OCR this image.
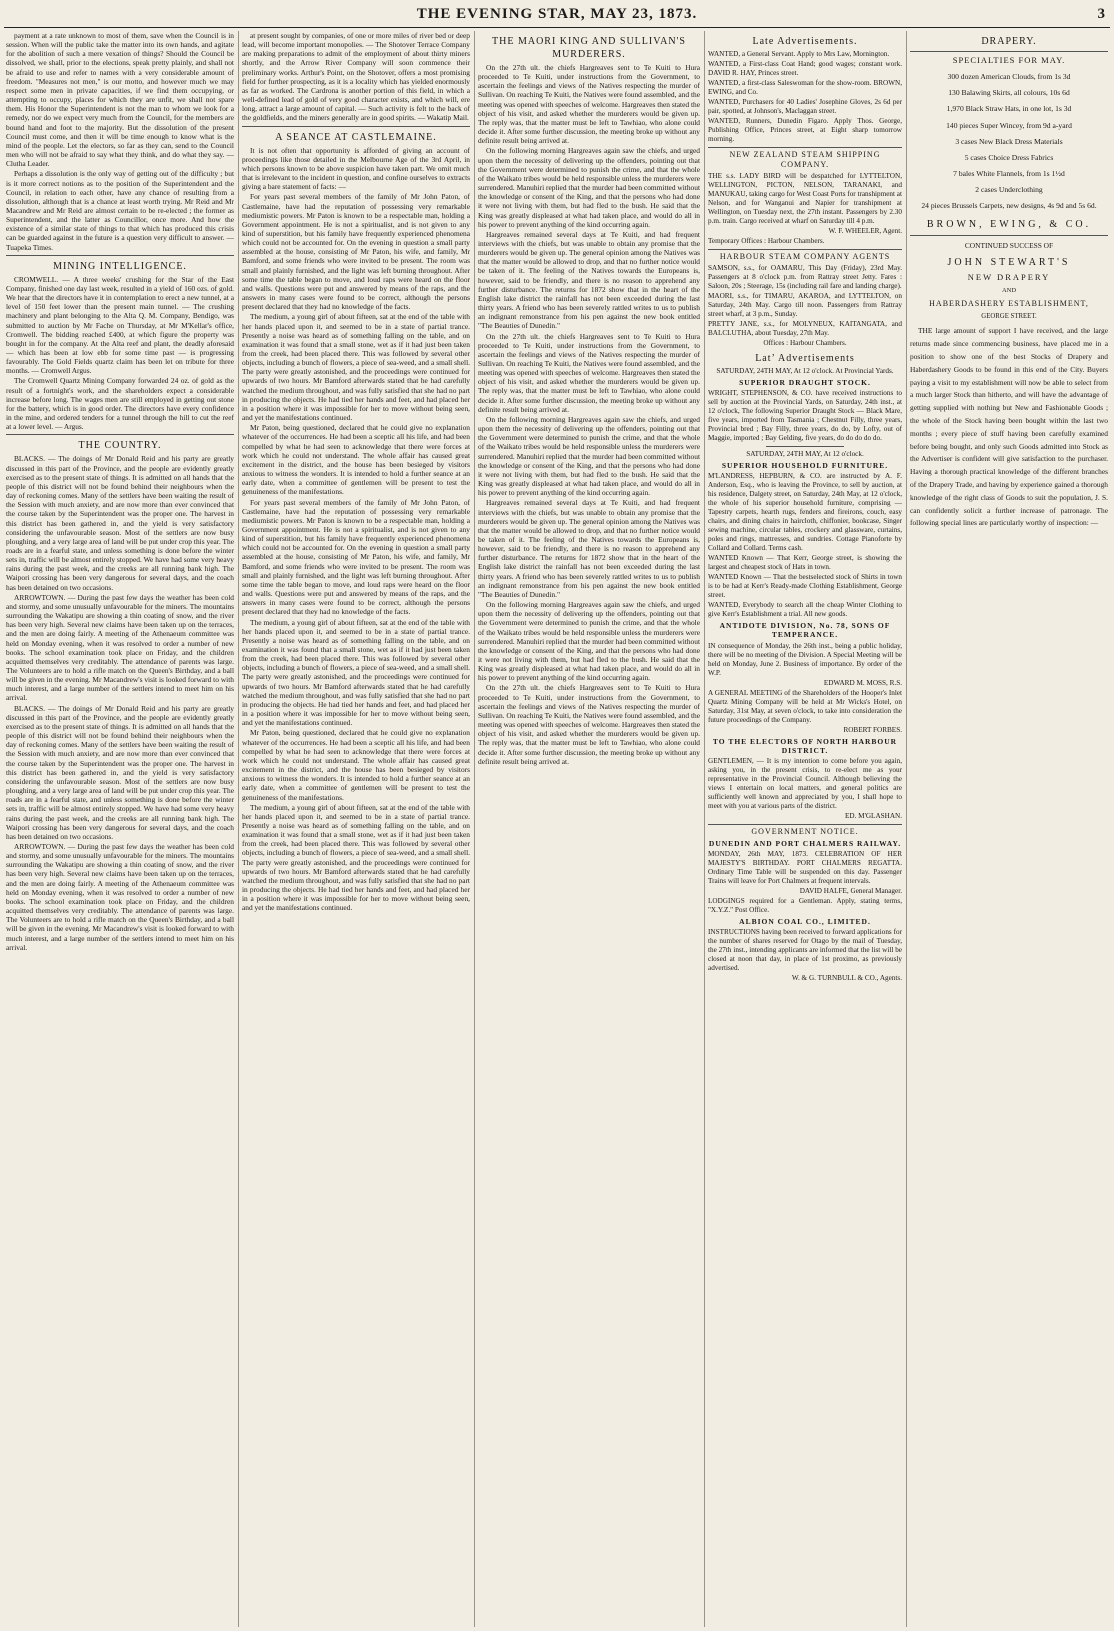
THE EVENING STAR, MAY 23, 1873.	3

payment at a rate unknown to most of them, save when the Council is in session. When will the public take the matter into its own hands, and agitate for the abolition of such a mere vexation of things? Should the Council be dissolved, we shall, prior to the elections, speak pretty plainly, and shall not be afraid to use and refer to names with a very considerable amount of freedom. "Measures not men," is our motto, and however much we may respect some men in private capacities, if we find them occupying, or attempting to occupy, places for which they are unfit, we shall not spare them. His Honor the Superintendent is not the man to whom we look for a remedy, nor do we expect very much from the Council, for the members are bound hand and foot to the majority. But the dissolution of the present Council must come, and then it will be time enough to know what is the mind of the people. Let the electors, so far as they can, send to the Council men who will not be afraid to say what they think, and do what they say. — Clutha Leader.

Perhaps a dissolution is the only way of getting out of the difficulty ; but is it more correct notions as to the position of the Superintendent and the Council, in relation to each other, have any chance of resulting from a dissolution, although that is a chance at least worth trying. Mr Reid and Mr Macandrew and Mr Reid are almost certain to be re-elected ; the former as Superintendent, and the latter as Councillor, once more. And how the existence of a similar state of things to that which has produced this crisis can be guarded against in the future is a question very difficult to answer. — Tuapeka Times.

MINING INTELLIGENCE.

CROMWELL. — A three weeks' crushing for the Star of the East Company, finished one day last week, resulted in a yield of 160 ozs. of gold. We hear that the directors have it in contemplation to erect a new tunnel, at a level of 150 feet lower than the present main tunnel. — The crushing machinery and plant belonging to the Alta Q. M. Company, Bendigo, was submitted to auction by Mr Fache on Thursday, at Mr M'Kellar's office, Cromwell. The bidding reached £400, at which figure the property was bought in for the company. At the Alta reef and plant, the deadly aforesaid — which has been at low ebb for some time past — is progressing favourably. The Gold Fields quartz claim has been let on tribute for three months. — Cromwell Argus.

The Cromwell Quartz Mining Company forwarded 24 oz. of gold as the result of a fortnight's work, and the shareholders expect a considerable increase before long. The wages men are still employed in getting out stone for the battery, which is in good order. The directors have every confidence in the mine, and ordered tenders for a tunnel through the hill to cut the reef at a lower level. — Argus.

THE COUNTRY.

BLACKS. — The doings of Mr Donald Reid and his party are greatly discussed in this part of the Province, and the people are evidently greatly exercised as to the present state of things. It is admitted on all hands that the people of this district will not be found behind their neighbours when the day of reckoning comes. Many of the settlers have been waiting the result of the Session with much anxiety, and are now more than ever convinced that the course taken by the Superintendent was the proper one. The harvest in this district has been gathered in, and the yield is very satisfactory considering the unfavourable season. Most of the settlers are now busy ploughing, and a very large area of land will be put under crop this year. The roads are in a fearful state, and unless something is done before the winter sets in, traffic will be almost entirely stopped. We have had some very heavy rains during the past week, and the creeks are all running bank high. The Waipori crossing has been very dangerous for several days, and the coach has been detained on two occasions.

ARROWTOWN. — During the past few days the weather has been cold and stormy, and some unusually unfavourable for the miners. The mountains surrounding the Wakatipu are showing a thin coating of snow, and the river has been very high. Several new claims have been taken up on the terraces, and the men are doing fairly. A meeting of the Athenaeum committee was held on Monday evening, when it was resolved to order a number of new books. The school examination took place on Friday, and the children acquitted themselves very creditably. The attendance of parents was large. The Volunteers are to hold a rifle match on the Queen's Birthday, and a ball will be given in the evening. Mr Macandrew's visit is looked forward to with much interest, and a large number of the settlers intend to meet him on his arrival.

BLACKS. — The doings of Mr Donald Reid and his party are greatly discussed in this part of the Province, and the people are evidently greatly exercised as to the present state of things. It is admitted on all hands that the people of this district will not be found behind their neighbours when the day of reckoning comes. Many of the settlers have been waiting the result of the Session with much anxiety, and are now more than ever convinced that the course taken by the Superintendent was the proper one. The harvest in this district has been gathered in, and the yield is very satisfactory considering the unfavourable season. Most of the settlers are now busy ploughing, and a very large area of land will be put under crop this year. The roads are in a fearful state, and unless something is done before the winter sets in, traffic will be almost entirely stopped. We have had some very heavy rains during the past week, and the creeks are all running bank high. The Waipori crossing has been very dangerous for several days, and the coach has been detained on two occasions.

ARROWTOWN. — During the past few days the weather has been cold and stormy, and some unusually unfavourable for the miners. The mountains surrounding the Wakatipu are showing a thin coating of snow, and the river has been very high. Several new claims have been taken up on the terraces, and the men are doing fairly. A meeting of the Athenaeum committee was held on Monday evening, when it was resolved to order a number of new books. The school examination took place on Friday, and the children acquitted themselves very creditably. The attendance of parents was large. The Volunteers are to hold a rifle match on the Queen's Birthday, and a ball will be given in the evening. Mr Macandrew's visit is looked forward to with much interest, and a large number of the settlers intend to meet him on his arrival.

at present sought by companies, of one or more miles of river bed or deep lead, will become important monopolies. — The Shotover Terrace Company are making preparations to admit of the employment of about thirty miners shortly, and the Arrow River Company will soon commence their preliminary works. Arthur's Point, on the Shotover, offers a most promising field for further prospecting, as it is a locality which has yielded enormously as far as worked. The Cardrona is another portion of this field, in which a well-defined lead of gold of very good character exists, and which will, ere long, attract a large amount of capital. — Such activity is felt to the back of the goldfields, and the miners generally are in good spirits. — Wakatip Mail.

A SEANCE AT CASTLEMAINE.

It is not often that opportunity is afforded of giving an account of proceedings like those detailed in the Melbourne Age of the 3rd April, in which persons known to be above suspicion have taken part. We omit much that is irrelevant to the incident in question, and confine ourselves to extracts giving a bare statement of facts: —

For years past several members of the family of Mr John Paton, of Castlemaine, have had the reputation of possessing very remarkable mediumistic powers. Mr Paton is known to be a respectable man, holding a Government appointment. He is not a spiritualist, and is not given to any kind of superstition, but his family have frequently experienced phenomena which could not be accounted for. On the evening in question a small party assembled at the house, consisting of Mr Paton, his wife, and family, Mr Bamford, and some friends who were invited to be present. The room was small and plainly furnished, and the light was left burning throughout. After some time the table began to move, and loud raps were heard on the floor and walls. Questions were put and answered by means of the raps, and the answers in many cases were found to be correct, although the persons present declared that they had no knowledge of the facts.

The medium, a young girl of about fifteen, sat at the end of the table with her hands placed upon it, and seemed to be in a state of partial trance. Presently a noise was heard as of something falling on the table, and on examination it was found that a small stone, wet as if it had just been taken from the creek, had been placed there. This was followed by several other objects, including a bunch of flowers, a piece of sea-weed, and a small shell. The party were greatly astonished, and the proceedings were continued for upwards of two hours. Mr Bamford afterwards stated that he had carefully watched the medium throughout, and was fully satisfied that she had no part in producing the objects. He had tied her hands and feet, and had placed her in a position where it was impossible for her to move without being seen, and yet the manifestations continued.

Mr Paton, being questioned, declared that he could give no explanation whatever of the occurrences. He had been a sceptic all his life, and had been compelled by what he had seen to acknowledge that there were forces at work which he could not understand. The whole affair has caused great excitement in the district, and the house has been besieged by visitors anxious to witness the wonders. It is intended to hold a further seance at an early date, when a committee of gentlemen will be present to test the genuineness of the manifestations.

For years past several members of the family of Mr John Paton, of Castlemaine, have had the reputation of possessing very remarkable mediumistic powers. Mr Paton is known to be a respectable man, holding a Government appointment. He is not a spiritualist, and is not given to any kind of superstition, but his family have frequently experienced phenomena which could not be accounted for. On the evening in question a small party assembled at the house, consisting of Mr Paton, his wife, and family, Mr Bamford, and some friends who were invited to be present. The room was small and plainly furnished, and the light was left burning throughout. After some time the table began to move, and loud raps were heard on the floor and walls. Questions were put and answered by means of the raps, and the answers in many cases were found to be correct, although the persons present declared that they had no knowledge of the facts.

The medium, a young girl of about fifteen, sat at the end of the table with her hands placed upon it, and seemed to be in a state of partial trance. Presently a noise was heard as of something falling on the table, and on examination it was found that a small stone, wet as if it had just been taken from the creek, had been placed there. This was followed by several other objects, including a bunch of flowers, a piece of sea-weed, and a small shell. The party were greatly astonished, and the proceedings were continued for upwards of two hours. Mr Bamford afterwards stated that he had carefully watched the medium throughout, and was fully satisfied that she had no part in producing the objects. He had tied her hands and feet, and had placed her in a position where it was impossible for her to move without being seen, and yet the manifestations continued.

Mr Paton, being questioned, declared that he could give no explanation whatever of the occurrences. He had been a sceptic all his life, and had been compelled by what he had seen to acknowledge that there were forces at work which he could not understand. The whole affair has caused great excitement in the district, and the house has been besieged by visitors anxious to witness the wonders. It is intended to hold a further seance at an early date, when a committee of gentlemen will be present to test the genuineness of the manifestations.

The medium, a young girl of about fifteen, sat at the end of the table with her hands placed upon it, and seemed to be in a state of partial trance. Presently a noise was heard as of something falling on the table, and on examination it was found that a small stone, wet as if it had just been taken from the creek, had been placed there. This was followed by several other objects, including a bunch of flowers, a piece of sea-weed, and a small shell. The party were greatly astonished, and the proceedings were continued for upwards of two hours. Mr Bamford afterwards stated that he had carefully watched the medium throughout, and was fully satisfied that she had no part in producing the objects. He had tied her hands and feet, and had placed her in a position where it was impossible for her to move without being seen, and yet the manifestations continued.

THE MAORI KING AND SULLIVAN'S MURDERERS.

On the 27th ult. the chiefs Hargreaves sent to Te Kuiti to Hura proceeded to Te Kuiti, under instructions from the Government, to ascertain the feelings and views of the Natives respecting the murder of Sullivan. On reaching Te Kuiti, the Natives were found assembled, and the meeting was opened with speeches of welcome. Hargreaves then stated the object of his visit, and asked whether the murderers would be given up. The reply was, that the matter must be left to Tawhiao, who alone could decide it. After some further discussion, the meeting broke up without any definite result being arrived at.

On the following morning Hargreaves again saw the chiefs, and urged upon them the necessity of delivering up the offenders, pointing out that the Government were determined to punish the crime, and that the whole of the Waikato tribes would be held responsible unless the murderers were surrendered. Manuhiri replied that the murder had been committed without the knowledge or consent of the King, and that the persons who had done it were not living with them, but had fled to the bush. He said that the King was greatly displeased at what had taken place, and would do all in his power to prevent anything of the kind occurring again.

Hargreaves remained several days at Te Kuiti, and had frequent interviews with the chiefs, but was unable to obtain any promise that the murderers would be given up. The general opinion among the Natives was that the matter would be allowed to drop, and that no further notice would be taken of it. The feeling of the Natives towards the Europeans is, however, said to be friendly, and there is no reason to apprehend any further disturbance. The returns for 1872 show that in the heart of the English lake district the rainfall has not been exceeded during the last thirty years. A friend who has been severely rattled writes to us to publish an indignant remonstrance from his pen against the new book entitled "The Beauties of Dunedin."

On the 27th ult. the chiefs Hargreaves sent to Te Kuiti to Hura proceeded to Te Kuiti, under instructions from the Government, to ascertain the feelings and views of the Natives respecting the murder of Sullivan. On reaching Te Kuiti, the Natives were found assembled, and the meeting was opened with speeches of welcome. Hargreaves then stated the object of his visit, and asked whether the murderers would be given up. The reply was, that the matter must be left to Tawhiao, who alone could decide it. After some further discussion, the meeting broke up without any definite result being arrived at.

On the following morning Hargreaves again saw the chiefs, and urged upon them the necessity of delivering up the offenders, pointing out that the Government were determined to punish the crime, and that the whole of the Waikato tribes would be held responsible unless the murderers were surrendered. Manuhiri replied that the murder had been committed without the knowledge or consent of the King, and that the persons who had done it were not living with them, but had fled to the bush. He said that the King was greatly displeased at what had taken place, and would do all in his power to prevent anything of the kind occurring again.

Hargreaves remained several days at Te Kuiti, and had frequent interviews with the chiefs, but was unable to obtain any promise that the murderers would be given up. The general opinion among the Natives was that the matter would be allowed to drop, and that no further notice would be taken of it. The feeling of the Natives towards the Europeans is, however, said to be friendly, and there is no reason to apprehend any further disturbance. The returns for 1872 show that in the heart of the English lake district the rainfall has not been exceeded during the last thirty years. A friend who has been severely rattled writes to us to publish an indignant remonstrance from his pen against the new book entitled "The Beauties of Dunedin."

On the following morning Hargreaves again saw the chiefs, and urged upon them the necessity of delivering up the offenders, pointing out that the Government were determined to punish the crime, and that the whole of the Waikato tribes would be held responsible unless the murderers were surrendered. Manuhiri replied that the murder had been committed without the knowledge or consent of the King, and that the persons who had done it were not living with them, but had fled to the bush. He said that the King was greatly displeased at what had taken place, and would do all in his power to prevent anything of the kind occurring again.

On the 27th ult. the chiefs Hargreaves sent to Te Kuiti to Hura proceeded to Te Kuiti, under instructions from the Government, to ascertain the feelings and views of the Natives respecting the murder of Sullivan. On reaching Te Kuiti, the Natives were found assembled, and the meeting was opened with speeches of welcome. Hargreaves then stated the object of his visit, and asked whether the murderers would be given up. The reply was, that the matter must be left to Tawhiao, who alone could decide it. After some further discussion, the meeting broke up without any definite result being arrived at.

Late Advertisements.

WANTED, a General Servant. Apply to Mrs Law, Mornington.

WANTED, a First-class Coat Hand; good wages; constant work. DAVID R. HAY, Princes street.

WANTED, a first-class Saleswoman for the show-room. BROWN, EWING, and Co.

WANTED, Purchasers for 40 Ladies' Josephine Gloves, 2s 6d per pair, spotted, at Johnson's, Maclaggan street.

WANTED, Runners, Dunedin Figaro. Apply Thos. George, Publishing Office, Princes street, at Eight sharp tomorrow morning.

NEW ZEALAND STEAM SHIPPING COMPANY.

THE s.s. LADY BIRD will be despatched for LYTTELTON, WELLINGTON, PICTON, NELSON, TARANAKI, and MANUKAU, taking cargo for West Coast Ports for transhipment at Nelson, and for Wanganui and Napier for transhipment at Wellington, on Tuesday next, the 27th instant. Passengers by 2.30 p.m. train. Cargo received at wharf on Saturday till 4 p.m.

W. F. WHEELER, Agent.

Temporary Offices : Harbour Chambers.

HARBOUR STEAM COMPANY AGENTS

SAMSON, s.s., for OAMARU, This Day (Friday), 23rd May. Passengers at 8 o'clock p.m. from Rattray street Jetty. Fares : Saloon, 20s ; Steerage, 15s (including rail fare and landing charge).

MAORI, s.s., for TIMARU, AKAROA, and LYTTELTON, on Saturday, 24th May. Cargo till noon. Passengers from Rattray street wharf, at 3 p.m., Sunday.

PRETTY JANE, s.s., for MOLYNEUX, KAITANGATA, and BALCLUTHA, about Tuesday, 27th May.

Offices : Harbour Chambers.

Lat’ Advertisements

SATURDAY, 24TH MAY, At 12 o'clock. At Provincial Yards.

SUPERIOR DRAUGHT STOCK.

WRIGHT, STEPHENSON, & CO. have received instructions to sell by auction at the Provincial Yards, on Saturday, 24th inst., at 12 o'clock, The following Superior Draught Stock — Black Mare, five years, imported from Tasmania ; Chestnut Filly, three years, Provincial bred ; Bay Filly, three years, do do, by Lofty, out of Maggie, imported ; Bay Gelding, five years, do do do do do.

SATURDAY, 24TH MAY, At 12 o'clock.

SUPERIOR HOUSEHOLD FURNITURE.

M'LANDRESS, HEPBURN, & CO. are instructed by A. F. Anderson, Esq., who is leaving the Province, to sell by auction, at his residence, Dalgety street, on Saturday, 24th May, at 12 o'clock, the whole of his superior household furniture, comprising — Tapestry carpets, hearth rugs, fenders and fireirons, couch, easy chairs, and dining chairs in haircloth, chiffonier, bookcase, Singer sewing machine, circular tables, crockery and glassware, curtains, poles and rings, mattresses, and sundries. Cottage Pianoforte by Collard and Collard. Terms cash.

WANTED Known — That Kerr, George street, is showing the largest and cheapest stock of Hats in town.

WANTED Known — That the bestselected stock of Shirts in town is to be had at Kerr's Ready-made Clothing Establishment, George street.

WANTED, Everybody to search all the cheap Winter Clothing to give Kerr's Establishment a trial. All new goods.

ANTIDOTE DIVISION, No. 78, SONS OF TEMPERANCE.

IN consequence of Monday, the 26th inst., being a public holiday, there will be no meeting of the Division. A Special Meeting will be held on Monday, June 2. Business of importance. By order of the W.P.

EDWARD M. MOSS, R.S.

A GENERAL MEETING of the Shareholders of the Hooper's Inlet Quartz Mining Company will be held at Mr Wicks's Hotel, on Saturday, 31st May, at seven o'clock, to take into consideration the future proceedings of the Company.

ROBERT FORBES.

TO THE ELECTORS OF NORTH HARBOUR DISTRICT.

GENTLEMEN, — It is my intention to come before you again, asking you, in the present crisis, to re-elect me as your representative in the Provincial Council. Although believing the views I entertain on local matters, and general politics are sufficiently well known and appreciated by you, I shall hope to meet with you at various parts of the district.

ED. M'GLASHAN.

GOVERNMENT NOTICE.
DUNEDIN AND PORT CHALMERS RAILWAY.

MONDAY, 26th MAY, 1873. CELEBRATION OF HER MAJESTY'S BIRTHDAY. PORT CHALMERS REGATTA. Ordinary Time Table will be suspended on this day. Passenger Trains will leave for Port Chalmers at frequent intervals.

DAVID HALFE, General Manager.

LODGINGS required for a Gentleman. Apply, stating terms, "X.Y.Z." Post Office.

ALBION COAL CO., LIMITED.

INSTRUCTIONS having been received to forward applications for the number of shares reserved for Otago by the mail of Tuesday, the 27th inst., intending applicants are informed that the list will be closed at noon that day, in place of 1st proximo, as previously advertised.

W. & G. TURNBULL & CO., Agents.

DRAPERY.
SPECIALTIES FOR MAY.
300 dozen American Clouds, from 1s 3d
130 Balawing Skirts, all colours, 10s 6d
1,970 Black Straw Hats, in one lot, 1s 3d
140 pieces Super Wincey, from 9d a-yard
3 cases New Black Dress Materials
5 cases Choice Dress Fabrics
7 bales White Flannels, from 1s 1½d
2 cases Underclothing
24 pieces Brussels Carpets, new designs, 4s 9d and 5s 6d.
BROWN, EWING, & CO.
CONTINUED SUCCESS OF
JOHN STEWART'S
NEW DRAPERY
AND
HABERDASHERY ESTABLISHMENT,
GEORGE STREET.

THE large amount of support I have received, and the large returns made since commencing business, have placed me in a position to show one of the best Stocks of Drapery and Haberdashery Goods to be found in this end of the City. Buyers paying a visit to my establishment will now be able to select from a much larger Stock than hitherto, and will have the advantage of getting supplied with nothing but New and Fashionable Goods ; the whole of the Stock having been bought within the last two months ; every piece of stuff having been carefully examined before being bought, and only such Goods admitted into Stock as the Advertiser is confident will give satisfaction to the purchaser. Having a thorough practical knowledge of the different branches of the Drapery Trade, and having by experience gained a thorough knowledge of the right class of Goods to suit the population, J. S. can confidently solicit a further increase of patronage. The following special lines are particularly worthy of inspection: —
